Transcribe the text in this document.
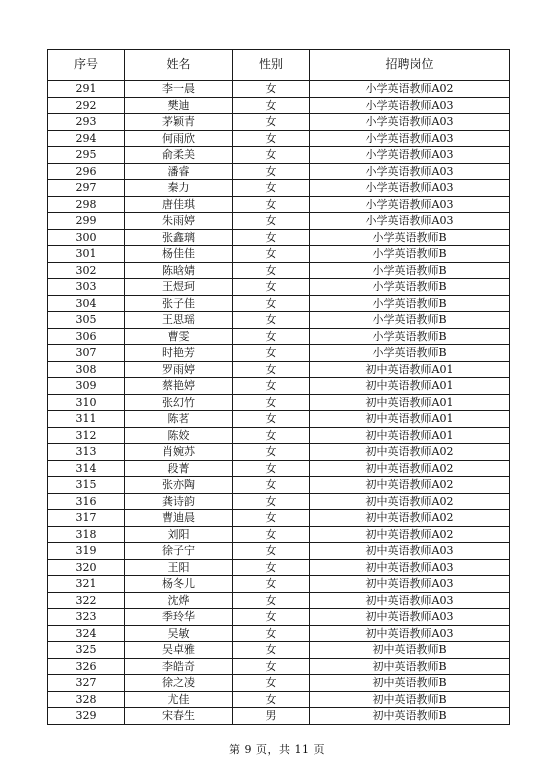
序号	姓名	性别	招聘岗位
291	李一晨	女	小学英语教师A02
292	樊迪	女	小学英语教师A03
293	茅颖青	女	小学英语教师A03
294	何雨欣	女	小学英语教师A03
295	俞柔美	女	小学英语教师A03
296	潘睿	女	小学英语教师A03
297	秦力	女	小学英语教师A03
298	唐佳琪	女	小学英语教师A03
299	朱雨婷	女	小学英语教师A03
300	张鑫璃	女	小学英语教师B
301	杨佳佳	女	小学英语教师B
302	陈晗婧	女	小学英语教师B
303	王煜珂	女	小学英语教师B
304	张子佳	女	小学英语教师B
305	王思瑶	女	小学英语教师B
306	曹雯	女	小学英语教师B
307	时艳芳	女	小学英语教师B
308	罗雨婷	女	初中英语教师A01
309	蔡艳婷	女	初中英语教师A01
310	张幻竹	女	初中英语教师A01
311	陈茗	女	初中英语教师A01
312	陈姣	女	初中英语教师A01
313	肖婉苏	女	初中英语教师A02
314	段菁	女	初中英语教师A02
315	张亦陶	女	初中英语教师A02
316	龚诗韵	女	初中英语教师A02
317	曹迪晨	女	初中英语教师A02
318	刘阳	女	初中英语教师A02
319	徐子宁	女	初中英语教师A03
320	王阳	女	初中英语教师A03
321	杨冬儿	女	初中英语教师A03
322	沈烨	女	初中英语教师A03
323	季玲华	女	初中英语教师A03
324	吴敏	女	初中英语教师A03
325	吴卓雅	女	初中英语教师B
326	李皓奇	女	初中英语教师B
327	徐之凌	女	初中英语教师B
328	尤佳	女	初中英语教师B
329	宋春生	男	初中英语教师B
第 9 页，共 11 页
